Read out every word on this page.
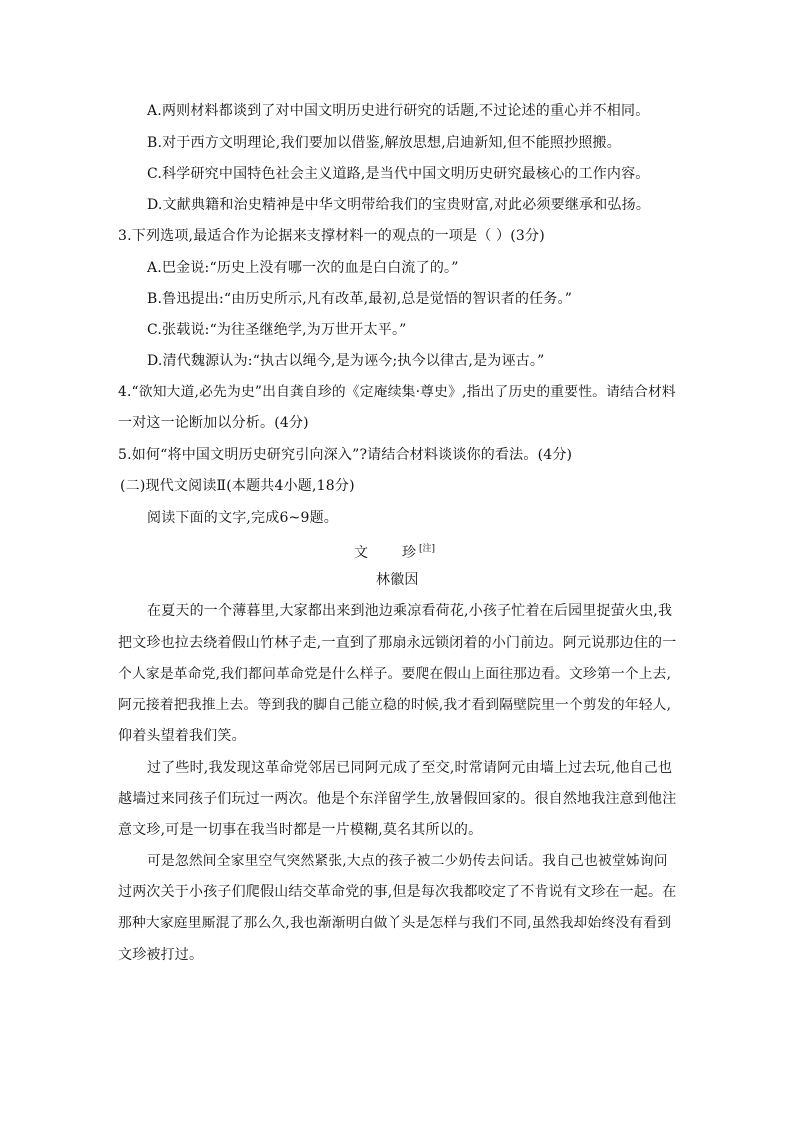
A.两则材料都谈到了对中国文明历史进行研究的话题,不过论述的重心并不相同。
B.对于西方文明理论,我们要加以借鉴,解放思想,启迪新知,但不能照抄照搬。
C.科学研究中国特色社会主义道路,是当代中国文明历史研究最核心的工作内容。
D.文献典籍和治史精神是中华文明带给我们的宝贵财富,对此必须要继承和弘扬。
3.下列选项,最适合作为论据来支撑材料一的观点的一项是（ ）(3分)
A.巴金说:“历史上没有哪一次的血是白白流了的。”
B.鲁迅提出:“由历史所示,凡有改革,最初,总是觉悟的智识者的任务。”
C.张载说:“为往圣继绝学,为万世开太平。”
D.清代魏源认为:“执古以绳今,是为诬今;执今以律古,是为诬古。”
4.“欲知大道,必先为史”出自龚自珍的《定庵续集·尊史》,指出了历史的重要性。请结合材料
一对这一论断加以分析。(4分)
5.如何“将中国文明历史研究引向深入”?请结合材料谈谈你的看法。(4分)
(二)现代文阅读Ⅱ(本题共4小题,18分)
阅读下面的文字,完成6~9题。
文 珍 [注]
林徽因
在夏天的一个薄暮里,大家都出来到池边乘凉看荷花,小孩子忙着在后园里捉萤火虫,我
把文珍也拉去绕着假山竹林子走,一直到了那扇永远锁闭着的小门前边。阿元说那边住的一
个人家是革命党,我们都问革命党是什么样子。要爬在假山上面往那边看。文珍第一个上去,
阿元接着把我推上去。等到我的脚自己能立稳的时候,我才看到隔壁院里一个剪发的年轻人,
仰着头望着我们笑。
过了些时,我发现这革命党邻居已同阿元成了至交,时常请阿元由墙上过去玩,他自己也
越墙过来同孩子们玩过一两次。他是个东洋留学生,放暑假回家的。很自然地我注意到他注
意文珍,可是一切事在我当时都是一片模糊,莫名其所以的。
可是忽然间全家里空气突然紧张,大点的孩子被二少奶传去问话。我自己也被堂姊询问
过两次关于小孩子们爬假山结交革命党的事,但是每次我都咬定了不肯说有文珍在一起。在
那种大家庭里厮混了那么久,我也渐渐明白做丫头是怎样与我们不同,虽然我却始终没有看到
文珍被打过。
